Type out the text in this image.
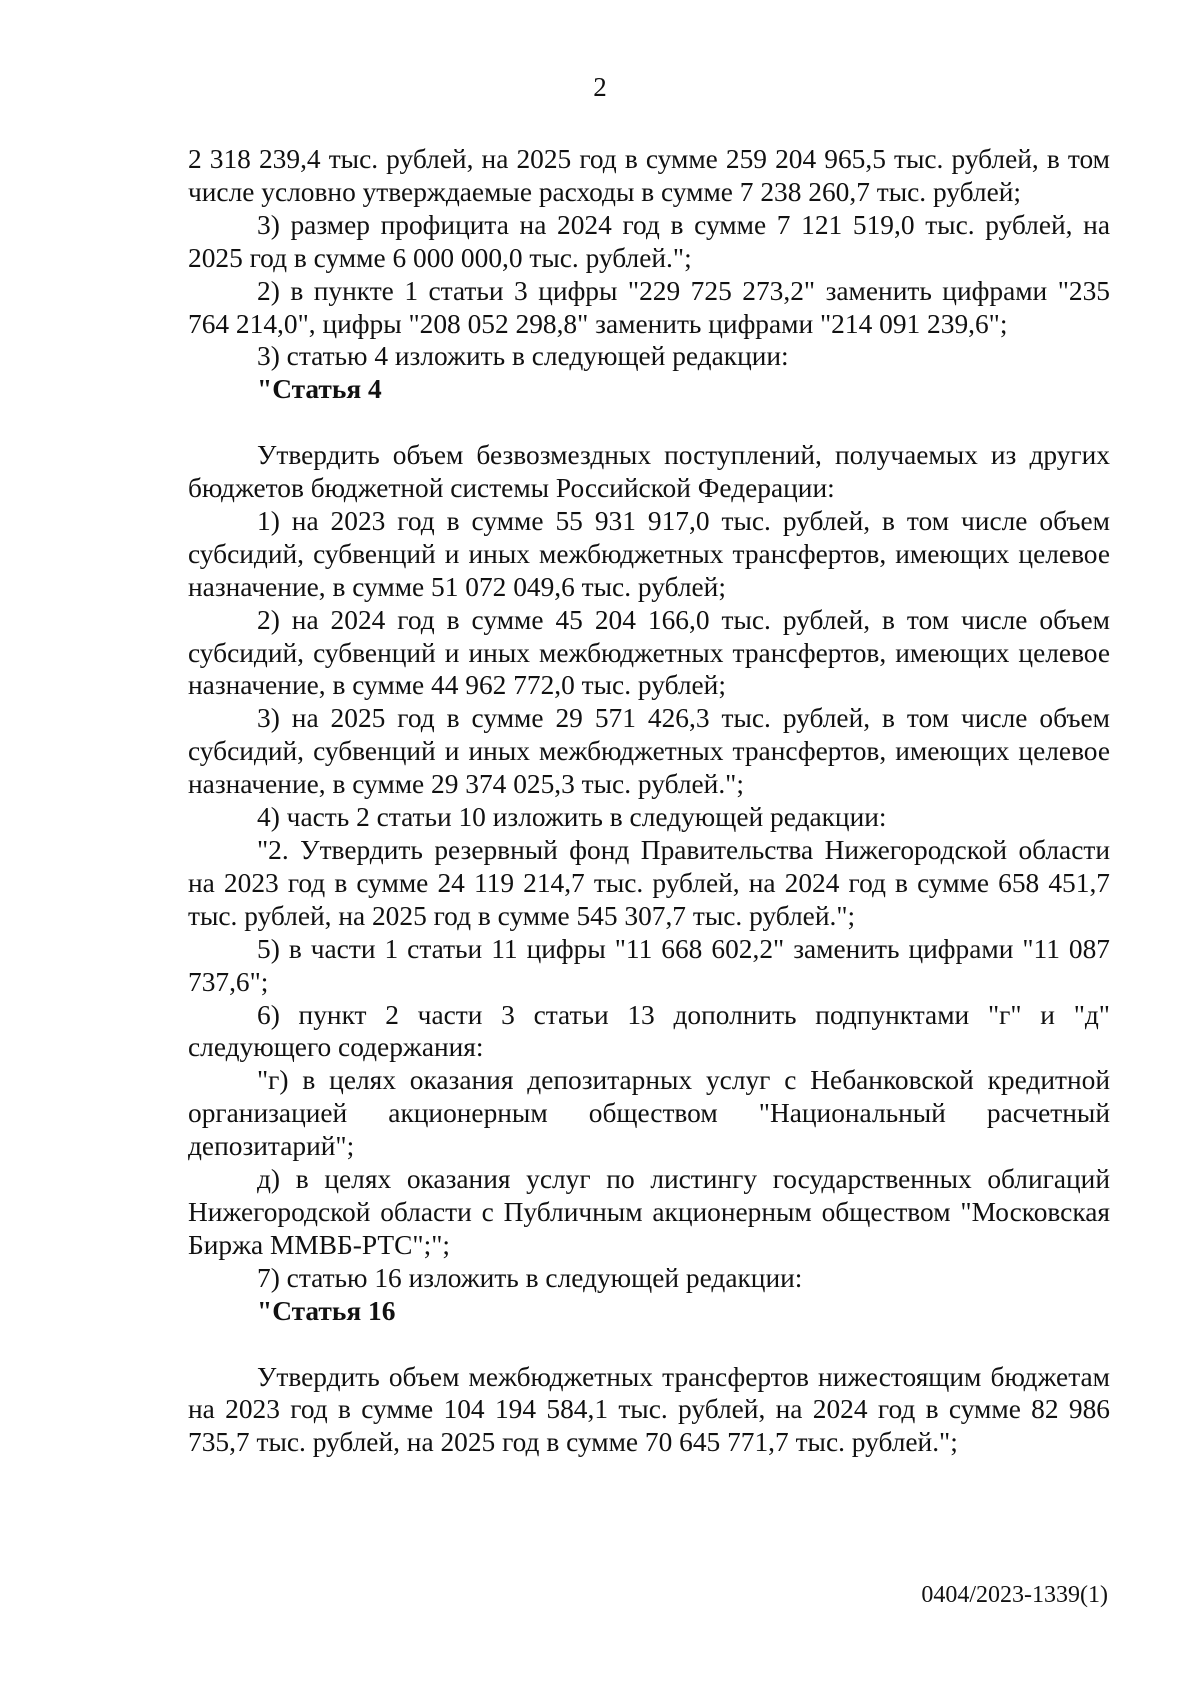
2

2 318 239,4 тыс. рублей, на 2025 год в сумме 259 204 965,5 тыс. рублей, в том числе условно утверждаемые расходы в сумме 7 238 260,7 тыс. рублей;

3) размер профицита на 2024 год в сумме 7 121 519,0 тыс. рублей, на 2025 год в сумме 6 000 000,0 тыс. рублей.";

2) в пункте 1 статьи 3 цифры "229 725 273,2" заменить цифрами "235 764 214,0", цифры "208 052 298,8" заменить цифрами "214 091 239,6";

3) статью 4 изложить в следующей редакции:

"Статья 4

Утвердить объем безвозмездных поступлений, получаемых из других бюджетов бюджетной системы Российской Федерации:

1) на 2023 год в сумме 55 931 917,0 тыс. рублей, в том числе объем субсидий, субвенций и иных межбюджетных трансфертов, имеющих целевое назначение, в сумме 51 072 049,6 тыс. рублей;

2) на 2024 год в сумме 45 204 166,0 тыс. рублей, в том числе объем субсидий, субвенций и иных межбюджетных трансфертов, имеющих целевое назначение, в сумме 44 962 772,0 тыс. рублей;

3) на 2025 год в сумме 29 571 426,3 тыс. рублей, в том числе объем субсидий, субвенций и иных межбюджетных трансфертов, имеющих целевое назначение, в сумме 29 374 025,3 тыс. рублей.";

4) часть 2 статьи 10 изложить в следующей редакции:

"2. Утвердить резервный фонд Правительства Нижегородской области на 2023 год в сумме 24 119 214,7 тыс. рублей, на 2024 год в сумме 658 451,7 тыс. рублей, на 2025 год в сумме 545 307,7 тыс. рублей.";

5) в части 1 статьи 11 цифры "11 668 602,2" заменить цифрами "11 087 737,6";

6) пункт 2 части 3 статьи 13 дополнить подпунктами "г" и "д" следующего содержания:

"г) в целях оказания депозитарных услуг с Небанковской кредитной организацией акционерным обществом "Национальный расчетный депозитарий";

д) в целях оказания услуг по листингу государственных облигаций Нижегородской области с Публичным акционерным обществом "Московская Биржа ММВБ-РТС";";

7) статью 16 изложить в следующей редакции:

"Статья 16

Утвердить объем межбюджетных трансфертов нижестоящим бюджетам на 2023 год в сумме 104 194 584,1 тыс. рублей, на 2024 год в сумме 82 986 735,7 тыс. рублей, на 2025 год в сумме 70 645 771,7 тыс. рублей.";

0404/2023-1339(1)
